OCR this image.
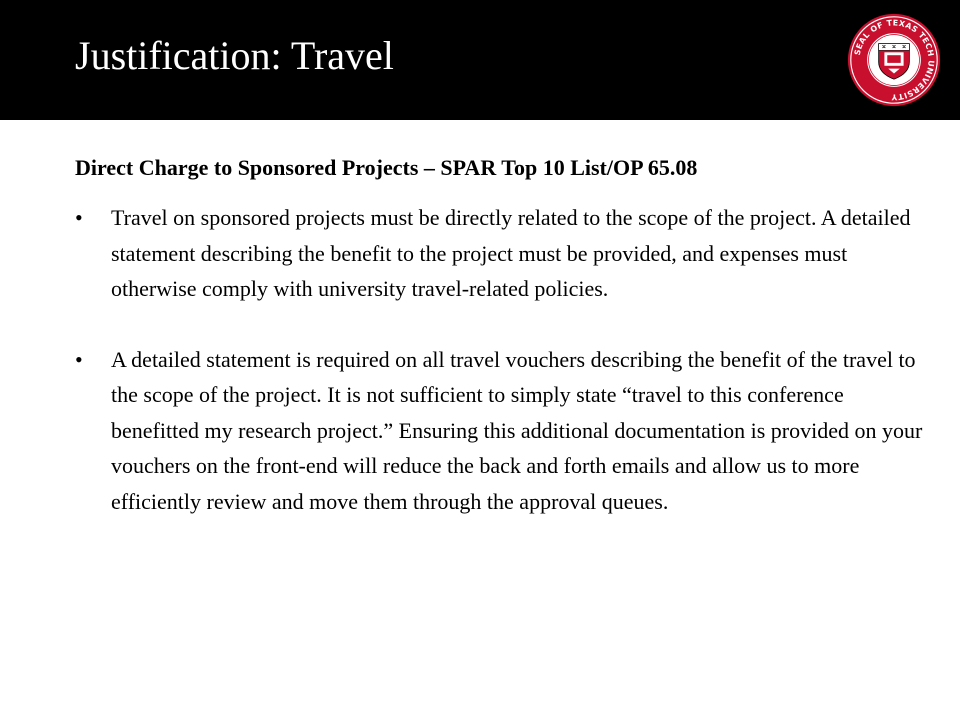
Justification: Travel	SEAL OF TEXAS TECH UNIVERSITY

Direct Charge to Sponsored Projects – SPAR Top 10 List/OP 65.08

• Travel on sponsored projects must be directly related to the scope of the project. A detailed statement describing the benefit to the project must be provided, and expenses must otherwise comply with university travel-related policies.
• A detailed statement is required on all travel vouchers describing the benefit of the travel to the scope of the project. It is not sufficient to simply state “travel to this conference benefitted my research project.” Ensuring this additional documentation is provided on your vouchers on the front-end will reduce the back and forth emails and allow us to more efficiently review and move them through the approval queues.
